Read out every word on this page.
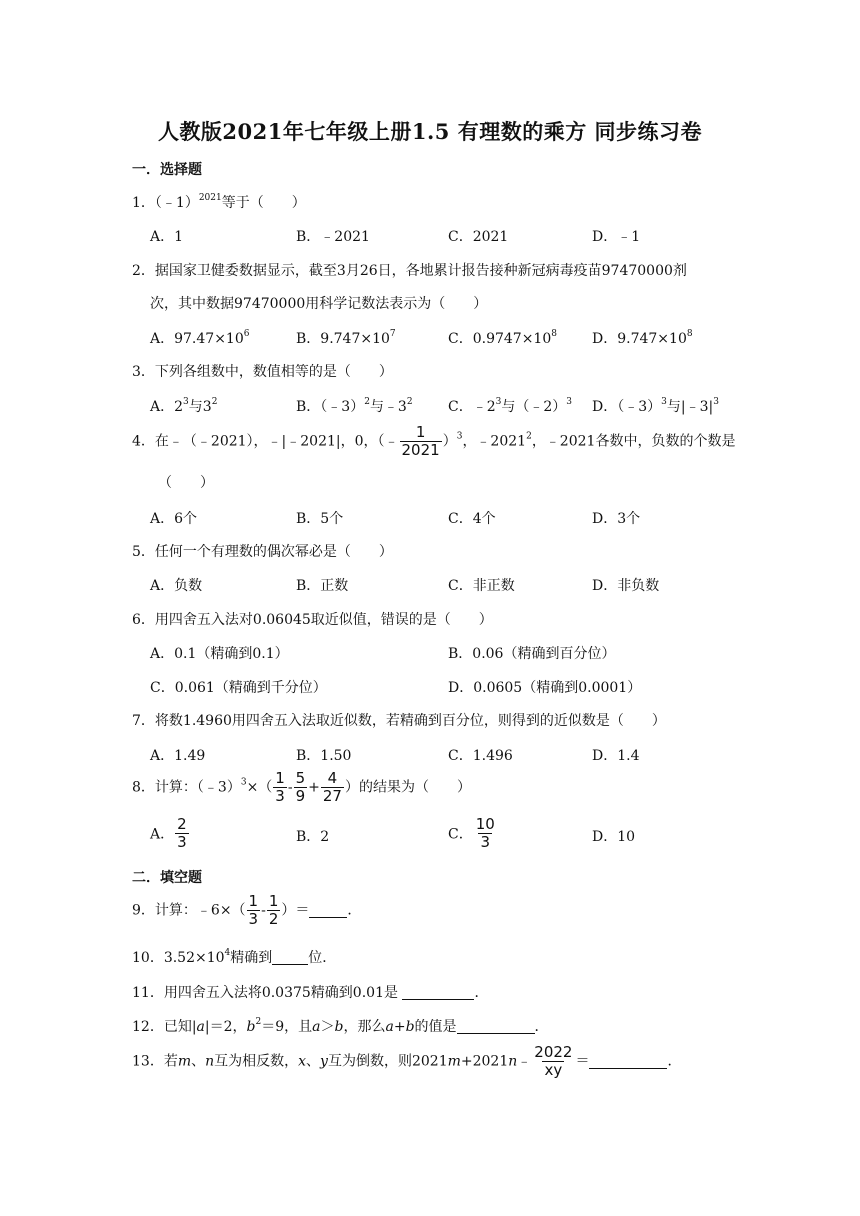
人教版2021年七年级上册1.5 有理数的乘方 同步练习卷
一．选择题
1．（﹣1）$^{2021}$等于（　　）
A．1	B．﹣2021	C．2021	D．﹣1
2．据国家卫健委数据显示，截至3月26日，各地累计报告接种新冠病毒疫苗97470000剂
次，其中数据97470000用科学记数法表示为（　　）
A．$97.47\times 10^6$	B．$9.747\times 10^7$	C．$0.9747\times 10^8$	D．$9.747\times 10^8$
3．下列各组数中，数值相等的是（　　）
A．$2^3$与$3^2$	B．（﹣3）$^2$与$﹣3^2$	C．$﹣2^3$与（﹣2）$^3$ D．（﹣3）$^3$与$|﹣3|^3$
4．在﹣（﹣2021），﹣|﹣2021|，0，（﹣ $\frac{1}{2021} )^3$，﹣2021$^2$，﹣2021各数中，负数的个数是
（　　）
A．6个	B．5个	C．4个	D．3个
5．任何一个有理数的偶次幂必是（　　）
A．负数	B．正数	C．非正数	D．非负数
6．用四舍五入法对0.06045取近似值，错误的是（　　）
A．0.1（精确到0.1）	B．0.06（精确到百分位）
C．0.061（精确到千分位）	D．0.0605（精确到0.0001）
7．将数1.4960用四舍五入法取近似数，若精确到百分位，则得到的近似数是（　　）
A．1.49	B．1.50	C．1.496	D．1.4
8．计算：（﹣3）$^3$×（ $\frac{1}{3} - \frac{5}{9} + \frac{4}{27}$ ）的结果为（　　）
A． $\frac{2}{3}$	B．2	C． $\frac{10}{3}$	D．10
二．填空题
9．计算：﹣6×（ $\frac{1}{3} - \frac{1}{2}$ ）＝	．
10．$3.52\times 10^4$精确到	位．
11．用四舍五入法将0.0375精确到0.01是	．
12．已知|a|＝2，$b^2=9$，且a＞b，那么a+b的值是	．
13．若m、n互为相反数，x、y互为倒数，则2021m+2021n﹣ $\frac{2022}{xy}$ ＝	．
